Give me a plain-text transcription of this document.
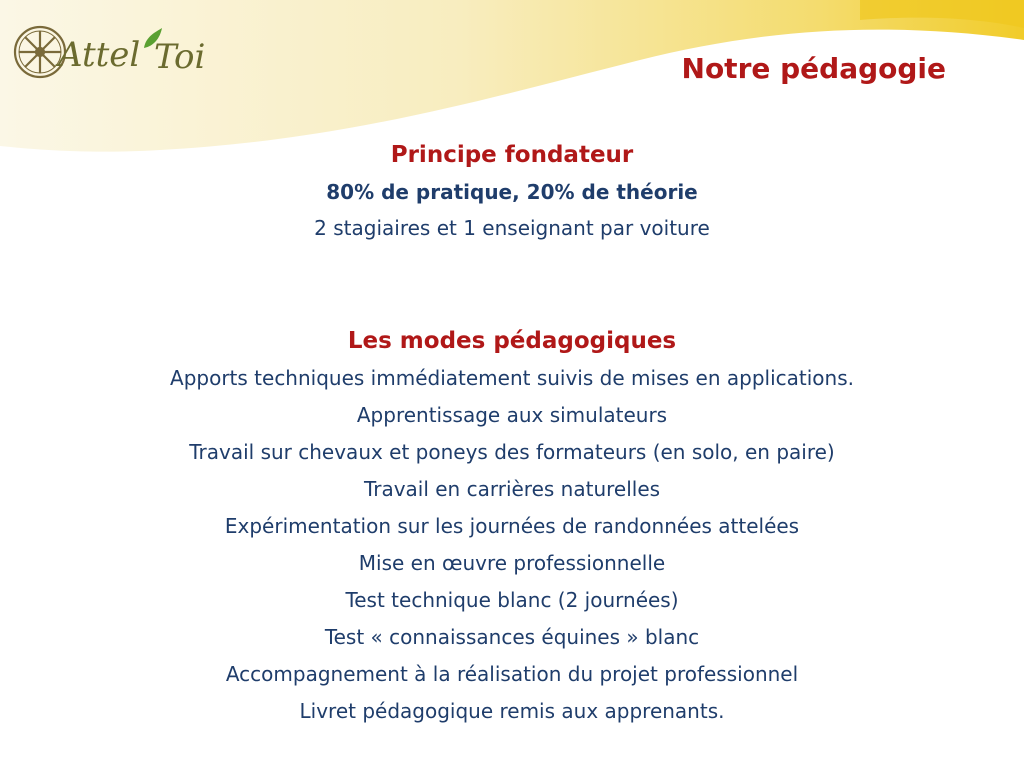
Attel Toi	Notre pédagogie

Principe fondateur

80% de pratique, 20% de théorie

2 stagiaires et 1 enseignant par voiture

Les modes pédagogiques

Apports techniques immédiatement suivis de mises en applications.

Apprentissage aux simulateurs

Travail sur chevaux et poneys des formateurs (en solo, en paire)

Travail en carrières naturelles

Expérimentation sur les journées de randonnées attelées

Mise en œuvre professionnelle

Test technique blanc (2 journées)

Test « connaissances équines » blanc

Accompagnement à la réalisation du projet professionnel

Livret pédagogique remis aux apprenants.
